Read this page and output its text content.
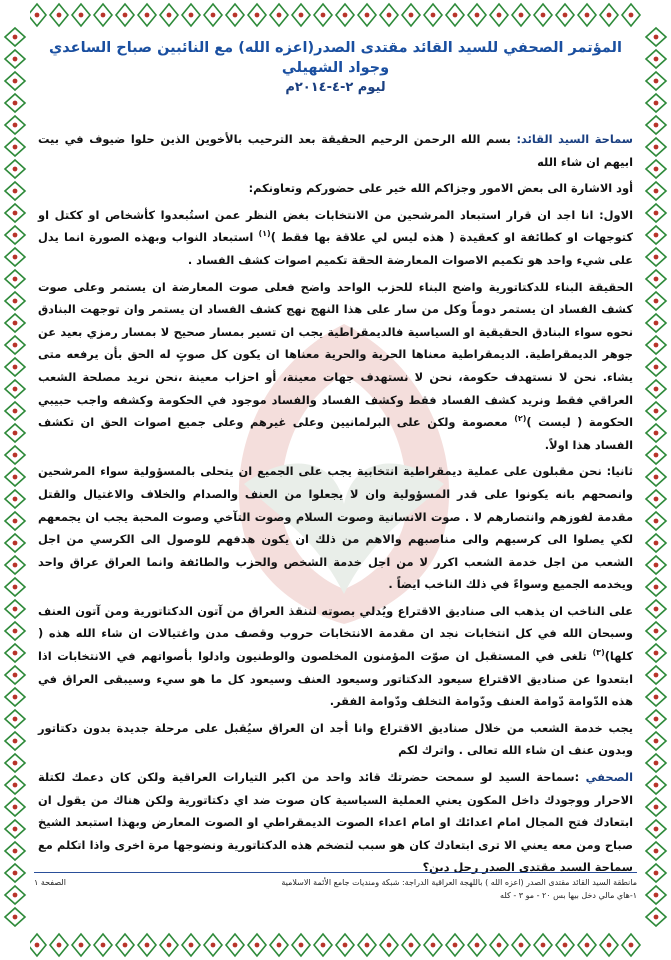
المؤتمر الصحفي للسيد القائد مقتدى الصدر(اعزه الله) مع النائبين صباح الساعدي وجواد الشهيلي
ليوم ٢-٤-٢٠١٤م

سماحة السيد القائد: بسم الله الرحمن الرحيم الحقيقة بعد الترحيب بالأخوين الذين حلوا ضيوف في بيت ابيهم ان شاء الله

أود الاشارة الى بعض الامور وجزاكم الله خير على حضوركم وتعاونكم:

الاول: انا اجد ان قرار استبعاد المرشحين من الانتخابات بغض النظر عمن استُبعدوا كأشخاص او ككتل او كتوجهات او كطائفة او كعقيدة ( هذه ليس لي علاقة بها فقط )$^{(١)}$ استبعاد النواب وبهذه الصورة انما يدل على شيء واحد هو تكميم الاصوات المعارضة الحقة تكميم اصوات كشف الفساد .

الحقيقة البناء للدكتاتورية واضح البناء للحزب الواحد واضح فعلى صوت المعارضة ان يستمر وعلى صوت كشف الفساد ان يستمر دوماً وكل من سار على هذا النهج نهج كشف الفساد ان يستمر وان توجهت البنادق نحوه سواء البنادق الحقيقية او السياسية فالديمقراطية يجب ان تسير بمسار صحيح لا بمسار رمزي بعيد عن جوهر الديمقراطية. الديمقراطية معناها الحرية والحرية معناها ان يكون كل صوتٍ له الحق بأن يرفعه متى يشاء. نحن لا نستهدف حكومة، نحن لا نستهدف جهات معينة، أو احزاب معينة ،نحن نريد مصلحة الشعب العراقي فقط ونريد كشف الفساد فقط وكشف الفساد والفساد موجود في الحكومة وكشفه واجب حبيبي الحكومة ( ليست )$^{(٢)}$ معصومة ولكن على البرلمانيين وعلى غيرهم وعلى جميع اصوات الحق ان تكشف الفساد هذا اولاً.

ثانيا: نحن مقبلون على عملية ديمقراطية انتخابية يجب على الجميع ان يتحلى بالمسؤولية سواء المرشحين وانصحهم بانه يكونوا على قدر المسؤولية وان لا يجعلوا من العنف والصدام والخلاف والاغتيال والقتل مقدمة لفوزهم وانتصارهم لا . صوت الانسانية وصوت السلام وصوت التآخي وصوت المحبة يجب ان يجمعهم لكي يصلوا الى كرسيهم والى مناصبهم والاهم من ذلك ان يكون هدفهم للوصول الى الكرسي من اجل الشعب من اجل خدمة الشعب اكرر لا من اجل خدمة الشخص والحزب والطائفة وانما العراق عراق واحد ويخدمه الجميع وسواءً في ذلك الناخب ايضاً .

على الناخب ان يذهب الى صناديق الاقتراع ويُدلي بصوته لننقذ العراق من آتون الدكتاتورية ومن آتون العنف وسبحان الله في كل انتخابات نجد ان مقدمة الانتخابات حروب وقصف مدن واغتيالات ان شاء الله هذه ( كلها)$^{(٣)}$ تلغى في المستقبل ان صوّت المؤمنون المخلصون والوطنيون وادلوا بأصواتهم في الانتخابات اذا ابتعدوا عن صناديق الاقتراع سيعود الدكتاتور وسيعود العنف وسيعود كل ما هو سيء وسيبقى العراق في هذه الدّوامة دّوامة العنف ودّوامة التخلف ودّوامة الفقر.

يجب خدمة الشعب من خلال صناديق الاقتراع وانا أجد ان العراق سيُقبل على مرحلة جديدة بدون دكتاتور وبدون عنف ان شاء الله تعالى . واترك لكم

الصحفي :سماحة السيد لو سمحت حضرتك قائد واحد من اكبر التيارات العراقية ولكن كان دعمك لكتلة الاحرار ووجودك داخل المكون يعني العملية السياسية كان صوت ضد اي دكتاتورية ولكن هناك من يقول ان ابتعادك فتح المجال امام اعدائك او امام اعداء الصوت الديمقراطي او الصوت المعارض وبهذا استبعد الشيخ صباح ومن معه يعني الا ترى ابتعادك كان هو سبب لتضخم هذه الدكتاتورية ونضوجها مرة اخرى واذا اتكلم مع سماحة السيد مقتدى الصدر رجل دين؟

مانطقة السيد القائد مقتدى الصدر (اعزه الله ) باللهجة العراقية الدراجة: شبكة ومنديات جامع الأئمة الاسلامية
الصفحة ١
١-هاي مالي دخل بيها بس ٢٠ - مو ٣ - كله
